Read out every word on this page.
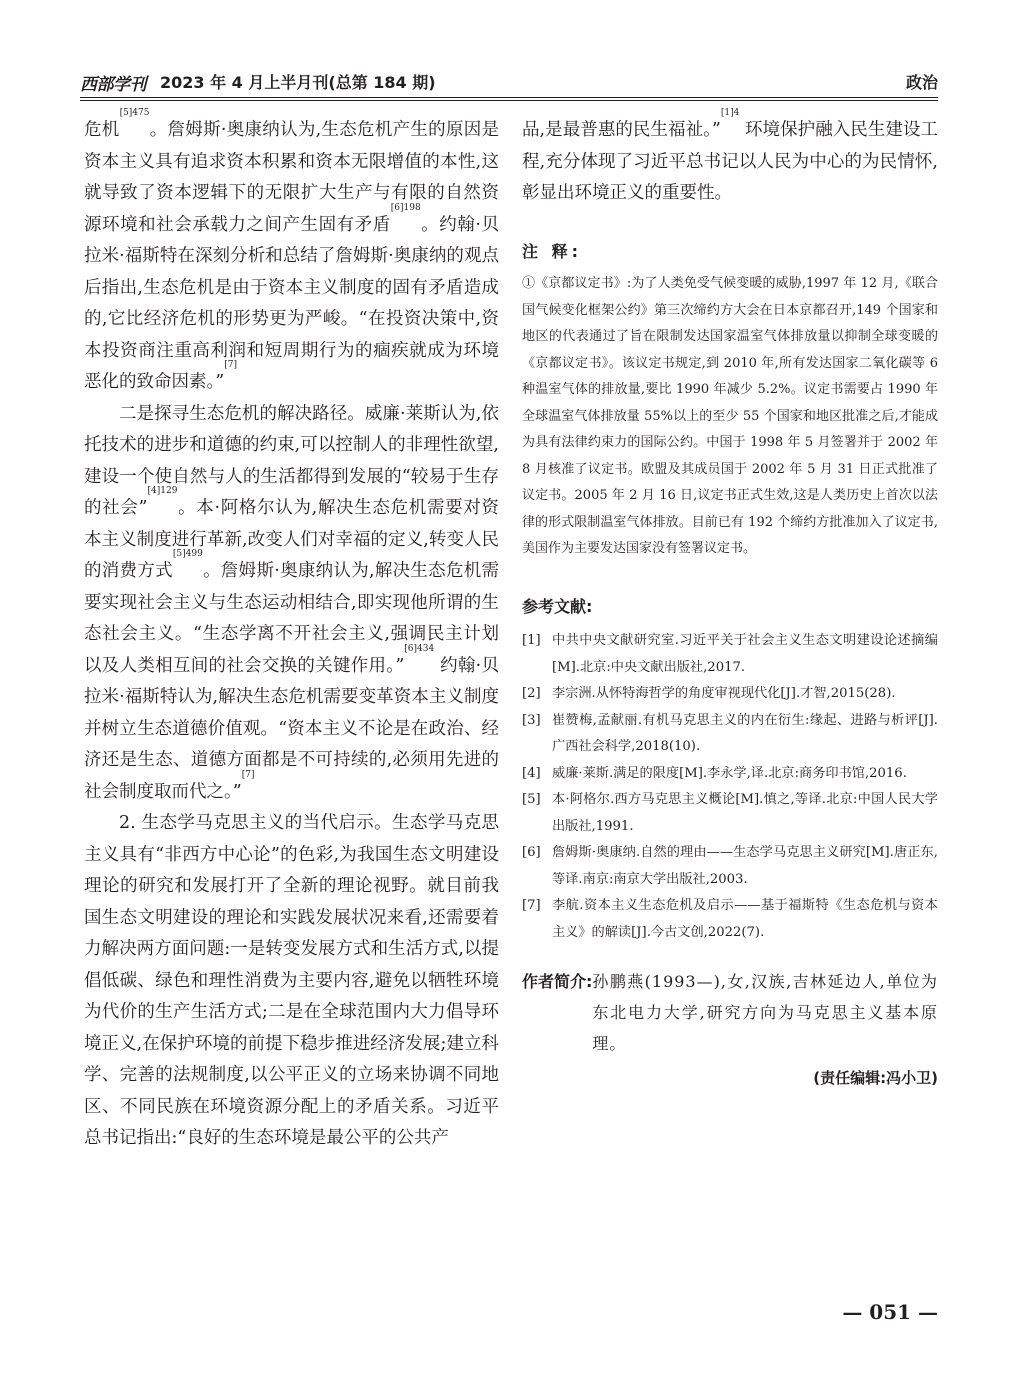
西部学刊 2023 年 4 月上半月刊(总第 184 期)	政治

危机$^{[5]475}$。詹姆斯·奥康纳认为,生态危机产生的原因是资本主义具有追求资本积累和资本无限增值的本性,这就导致了资本逻辑下的无限扩大生产与有限的自然资源环境和社会承载力之间产生固有矛盾$^{[6]198}$。约翰·贝拉米·福斯特在深刻分析和总结了詹姆斯·奥康纳的观点后指出,生态危机是由于资本主义制度的固有矛盾造成的,它比经济危机的形势更为严峻。“在投资决策中,资本投资商注重高利润和短周期行为的痼疾就成为环境恶化的致命因素。”[7]

二是探寻生态危机的解决路径。威廉·莱斯认为,依托技术的进步和道德的约束,可以控制人的非理性欲望,建设一个使自然与人的生活都得到发展的“较易于生存的社会”$^{[4]129}$。本·阿格尔认为,解决生态危机需要对资本主义制度进行革新,改变人们对幸福的定义,转变人民的消费方式$^{[5]499}$。詹姆斯·奥康纳认为,解决生态危机需要实现社会主义与生态运动相结合,即实现他所谓的生态社会主义。“生态学离不开社会主义,强调民主计划以及人类相互间的社会交换的关键作用。”$^{[6]434}$ 约翰·贝拉米·福斯特认为,解决生态危机需要变革资本主义制度并树立生态道德价值观。“资本主义不论是在政治、经济还是生态、道德方面都是不可持续的,必须用先进的社会制度取而代之。”[7]

2. 生态学马克思主义的当代启示。生态学马克思主义具有“非西方中心论”的色彩,为我国生态文明建设理论的研究和发展打开了全新的理论视野。就目前我国生态文明建设的理论和实践发展状况来看,还需要着力解决两方面问题:一是转变发展方式和生活方式,以提倡低碳、绿色和理性消费为主要内容,避免以牺牲环境为代价的生产生活方式;二是在全球范围内大力倡导环境正义,在保护环境的前提下稳步推进经济发展;建立科学、完善的法规制度,以公平正义的立场来协调不同地区、不同民族在环境资源分配上的矛盾关系。习近平总书记指出:“良好的生态环境是最公平的公共产

品,是最普惠的民生福祉。”$^{[1]4}$ 环境保护融入民生建设工程,充分体现了习近平总书记以人民为中心的为民情怀,彰显出环境正义的重要性。

注 释:
①《京都议定书》:为了人类免受气候变暖的威胁,1997 年 12 月,《联合国气候变化框架公约》第三次缔约方大会在日本京都召开,149 个国家和地区的代表通过了旨在限制发达国家温室气体排放量以抑制全球变暖的《京都议定书》。该议定书规定,到 2010 年,所有发达国家二氧化碳等 6 种温室气体的排放量,要比 1990 年减少 5.2%。议定书需要占 1990 年全球温室气体排放量 55%以上的至少 55 个国家和地区批准之后,才能成为具有法律约束力的国际公约。中国于 1998 年 5 月签署并于 2002 年 8 月核准了议定书。欧盟及其成员国于 2002 年 5 月 31 日正式批准了议定书。2005 年 2 月 16 日,议定书正式生效,这是人类历史上首次以法律的形式限制温室气体排放。目前已有 192 个缔约方批准加入了议定书,美国作为主要发达国家没有签署议定书。
参考文献:
[1] 中共中央文献研究室.习近平关于社会主义生态文明建设论述摘编[M].北京:中央文献出版社,2017.
[2] 李宗洲.从怀特海哲学的角度审视现代化[J].才智,2015(28).
[3] 崔赞梅,孟献丽.有机马克思主义的内在衍生:缘起、进路与析评[J].广西社会科学,2018(10).
[4] 威廉·莱斯.满足的限度[M].李永学,译.北京:商务印书馆,2016.
[5] 本·阿格尔.西方马克思主义概论[M].慎之,等译.北京:中国人民大学出版社,1991.
[6] 詹姆斯·奥康纳.自然的理由——生态学马克思主义研究[M].唐正东,等译.南京:南京大学出版社,2003.
[7] 李航.资本主义生态危机及启示——基于福斯特《生态危机与资本主义》的解读[J].今古文创,2022(7).
作者简介: 孙鹏燕(1993—),女,汉族,吉林延边人,单位为东北电力大学,研究方向为马克思主义基本原理。
(责任编辑:冯小卫)
— 051 —
